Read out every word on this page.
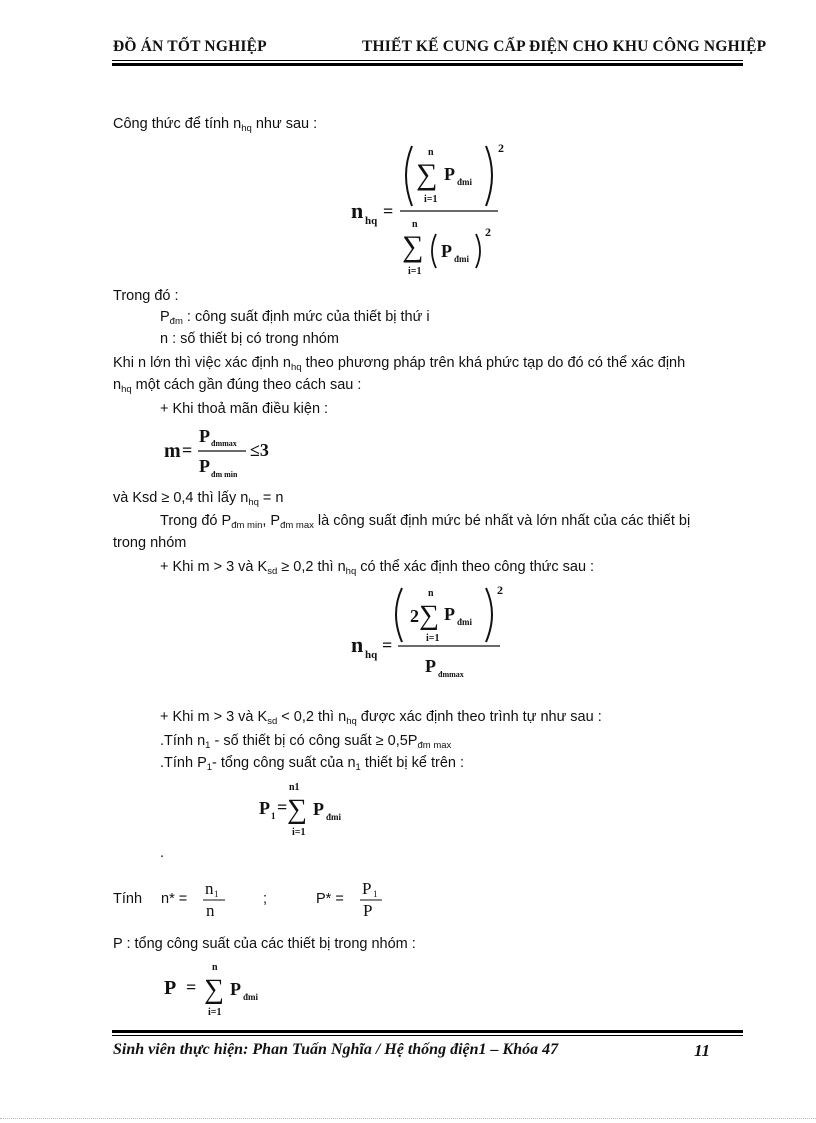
ĐỒ ÁN TỐT NGHIỆP	THIẾT KẾ CUNG CẤP ĐIỆN CHO KHU CÔNG NGHIỆP
Công thức để tính $n_{hq}$ như sau :
n hq =
n
∑
i=1
P đmi
2
n
∑
i=1
P đmi
2
Trong đó :
$P_{đm}$ : công suất định mức của thiết bị thứ i
n : số thiết bị có trong nhóm
Khi n lớn thì việc xác định $n_{hq}$ theo phương pháp trên khá phức tạp do đó có thể xác định
$n_{hq}$ một cách gần đúng theo cách sau :
+ Khi thoả mãn điều kiện :
m =
P đmmax
P đm min
≤3
và Ksd ≥ 0,4 thì lấy $n_{hq} = n$
Trong đó $P_{đm min}$, $P_{đm max}$ là công suất định mức bé nhất và lớn nhất của các thiết bị
trong nhóm
+ Khi m > 3 và $K_{sd} \ge 0,2$ thì $n_{hq}$ có thể xác định theo công thức sau :
n hq =
2
n
∑
i=1
P đmi
2
P đmmax
+ Khi m > 3 và $K_{sd} < 0,2$ thì $n_{hq}$ được xác định theo trình tự như sau :
.Tính $n_1$ - số thiết bị có công suất ≥ $0,5P_{đm max}$
.Tính $P_1-$ tổng công suất của $n_1$ thiết bị kể trên :
P 1 =
n1
∑
i=1
P đmi
.
Tính n* =
n 1
n
;	P* =
P 1
P
P : tổng công suất của các thiết bị trong nhóm :
P =
n
∑
i=1
P đmi
Sinh viên thực hiện: Phan Tuấn Nghĩa / Hệ thống điện1 – Khóa 47	11
